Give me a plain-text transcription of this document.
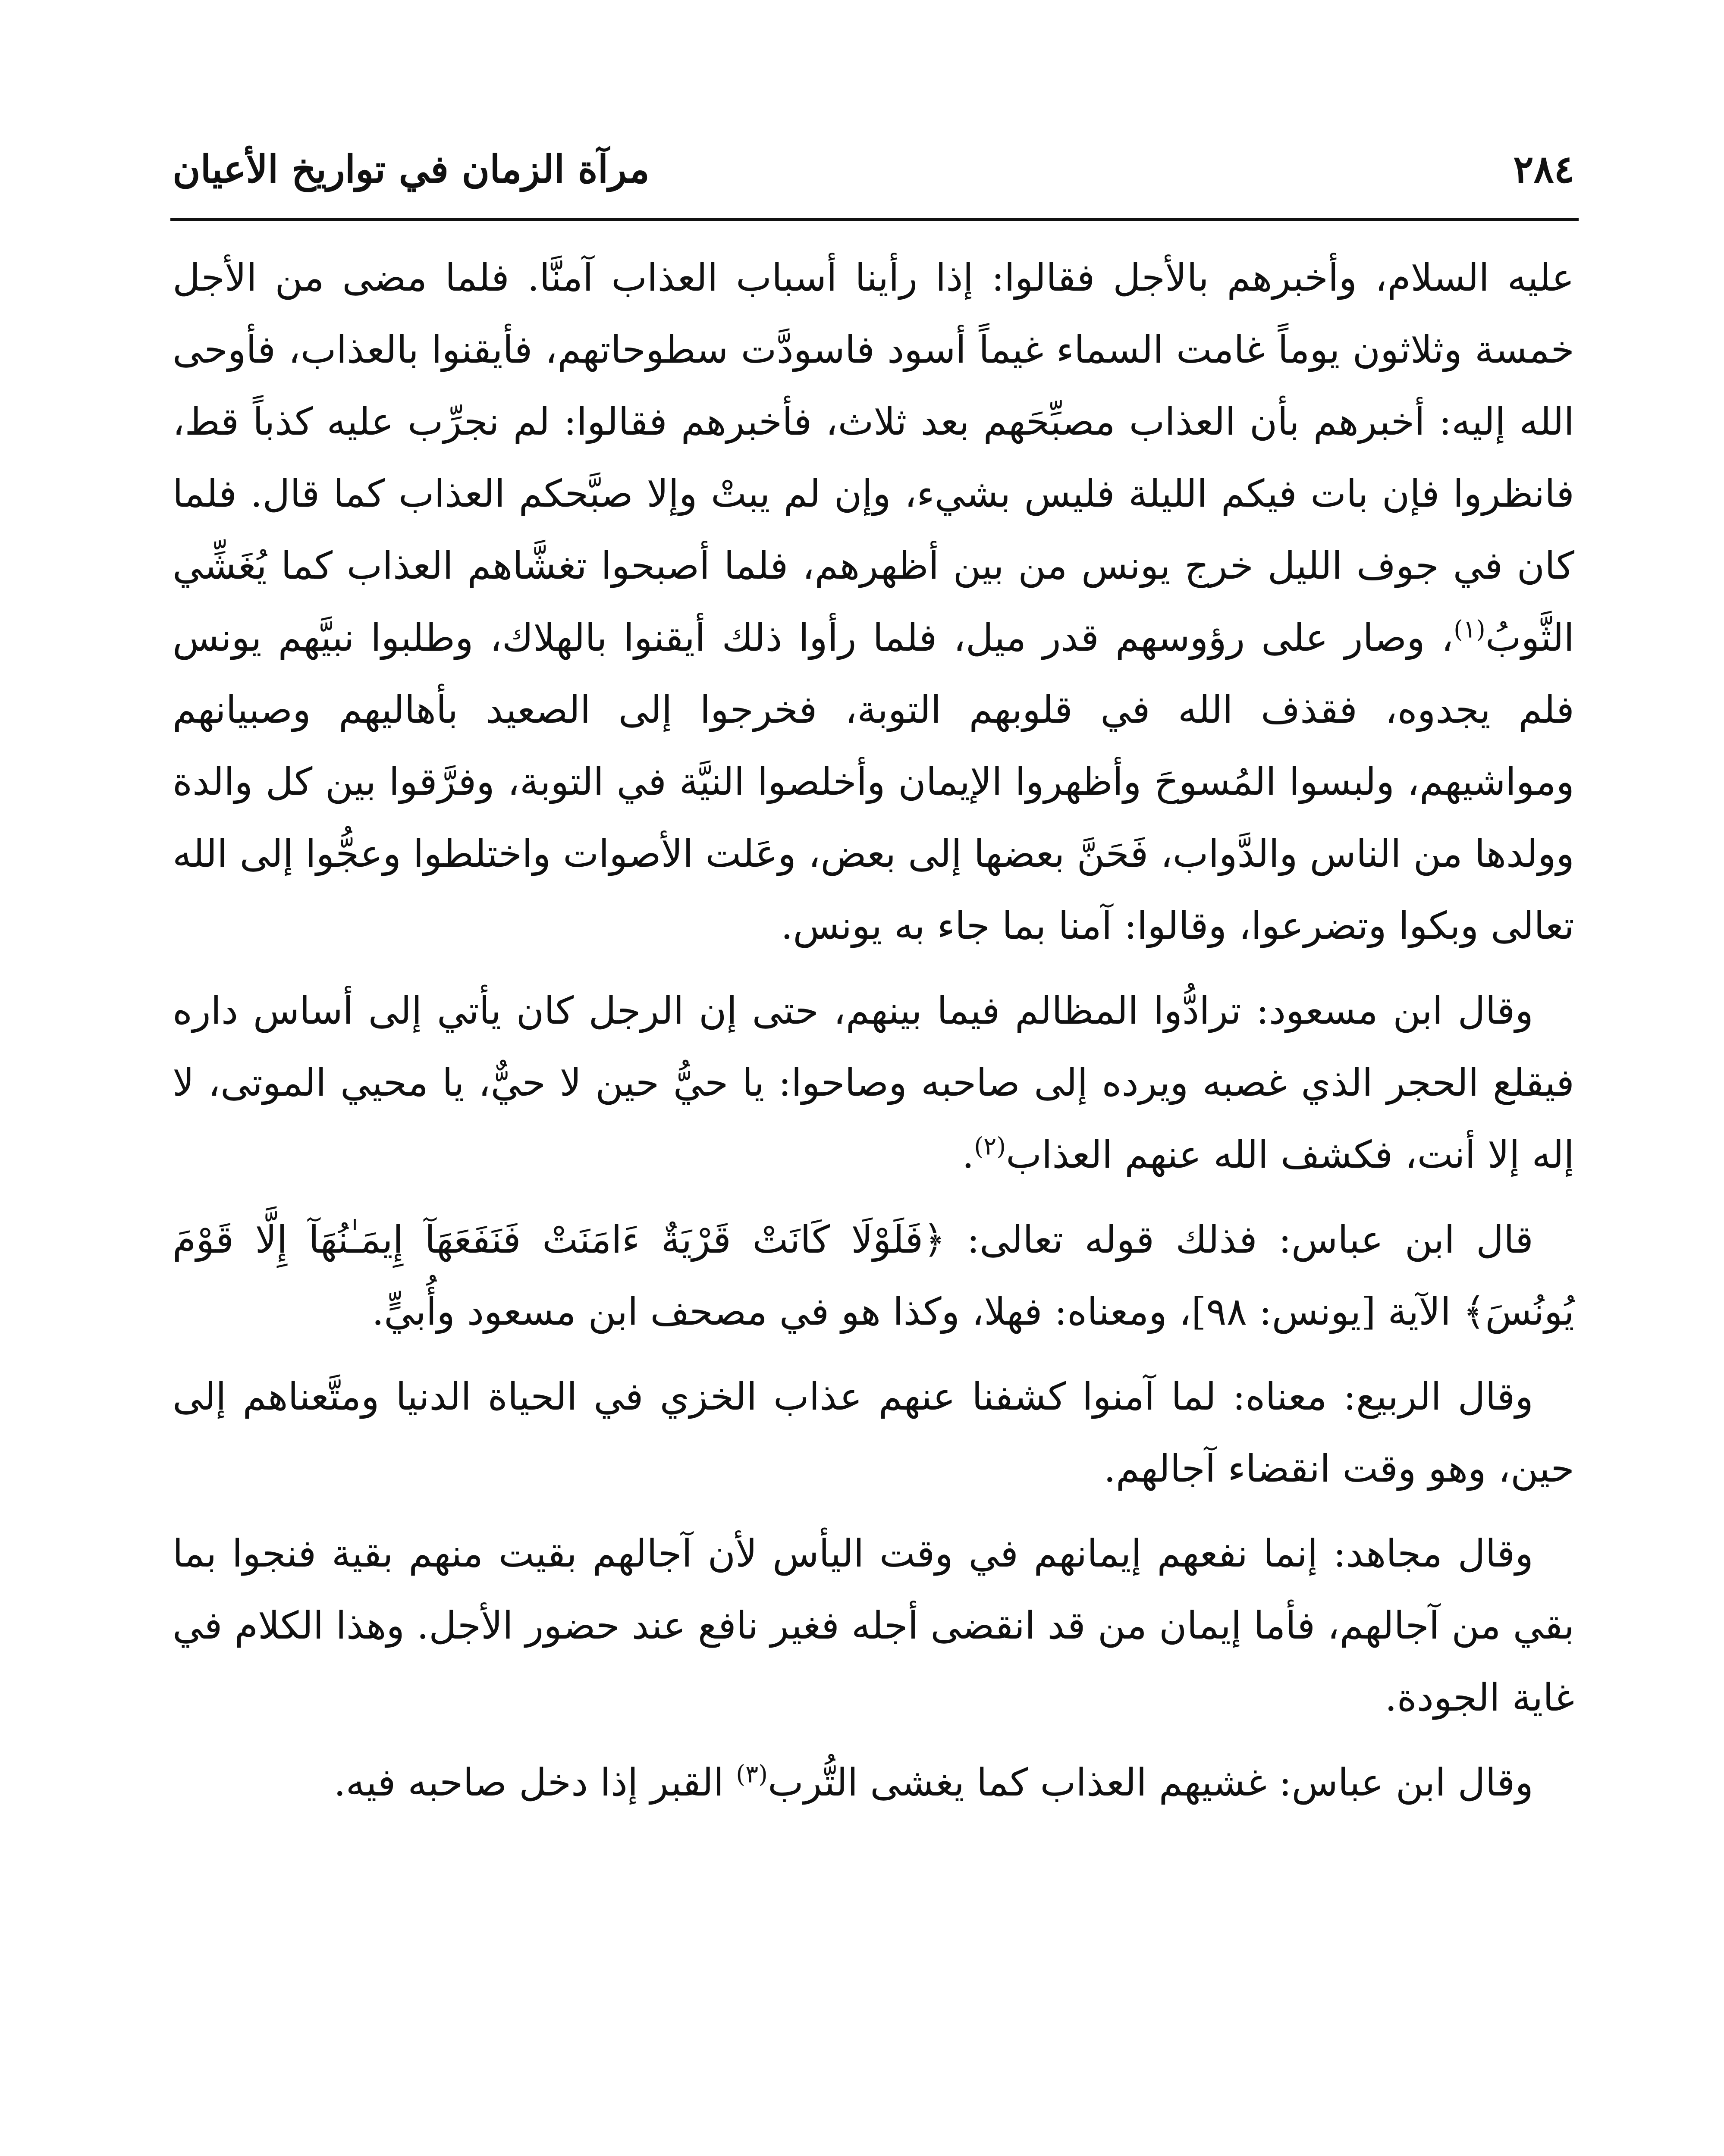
٢٨٤
مرآة الزمان في تواريخ الأعيان

عليه السلام، وأخبرهم بالأجل فقالوا: إذا رأينا أسباب العذاب آمنَّا. فلما مضى من الأجل خمسة وثلاثون يوماً غامت السماء غيماً أسود فاسودَّت سطوحاتهم، فأيقنوا بالعذاب، فأوحى الله إليه: أخبرهم بأن العذاب مصبِّحَهم بعد ثلاث، فأخبرهم فقالوا: لم نجرِّب عليه كذباً قط، فانظروا فإن بات فيكم الليلة فليس بشيء، وإن لم يبتْ وإلا صبَّحكم العذاب كما قال. فلما كان في جوف الليل خرج يونس من بين أظهرهم، فلما أصبحوا تغشَّاهم العذاب كما يُغَشِّي الثَّوبُ$^{(١)}$، وصار على رؤوسهم قدر ميل، فلما رأوا ذلك أيقنوا بالهلاك، وطلبوا نبيَّهم يونس فلم يجدوه، فقذف الله في قلوبهم التوبة، فخرجوا إلى الصعيد بأهاليهم وصبيانهم ومواشيهم، ولبسوا المُسوحَ وأظهروا الإيمان وأخلصوا النيَّة في التوبة، وفرَّقوا بين كل والدة وولدها من الناس والدَّواب، فَحَنَّ بعضها إلى بعض، وعَلت الأصوات واختلطوا وعجُّوا إلى الله تعالى وبكوا وتضرعوا، وقالوا: آمنا بما جاء به يونس.

وقال ابن مسعود: ترادُّوا المظالم فيما بينهم، حتى إن الرجل كان يأتي إلى أساس داره فيقلع الحجر الذي غصبه ويرده إلى صاحبه وصاحوا: يا حيُّ حين لا حيٌّ، يا محيي الموتى، لا إله إلا أنت، فكشف الله عنهم العذاب$^{(٢)}$.

قال ابن عباس: فذلك قوله تعالى: ﴿فَلَوْلَا كَانَتْ قَرْيَةٌ ءَامَنَتْ فَنَفَعَهَآ إِيمَـٰنُهَآ إِلَّا قَوْمَ يُونُسَ﴾ الآية [يونس: ٩٨]، ومعناه: فهلا، وكذا هو في مصحف ابن مسعود وأُبيٍّ.

وقال الربيع: معناه: لما آمنوا كشفنا عنهم عذاب الخزي في الحياة الدنيا ومتَّعناهم إلى حين، وهو وقت انقضاء آجالهم.

وقال مجاهد: إنما نفعهم إيمانهم في وقت اليأس لأن آجالهم بقيت منهم بقية فنجوا بما بقي من آجالهم، فأما إيمان من قد انقضى أجله فغير نافع عند حضور الأجل. وهذا الكلام في غاية الجودة.

وقال ابن عباس: غشيهم العذاب كما يغشى التُّرب$^{(٣)}$ القبر إذا دخل صاحبه فيه.
